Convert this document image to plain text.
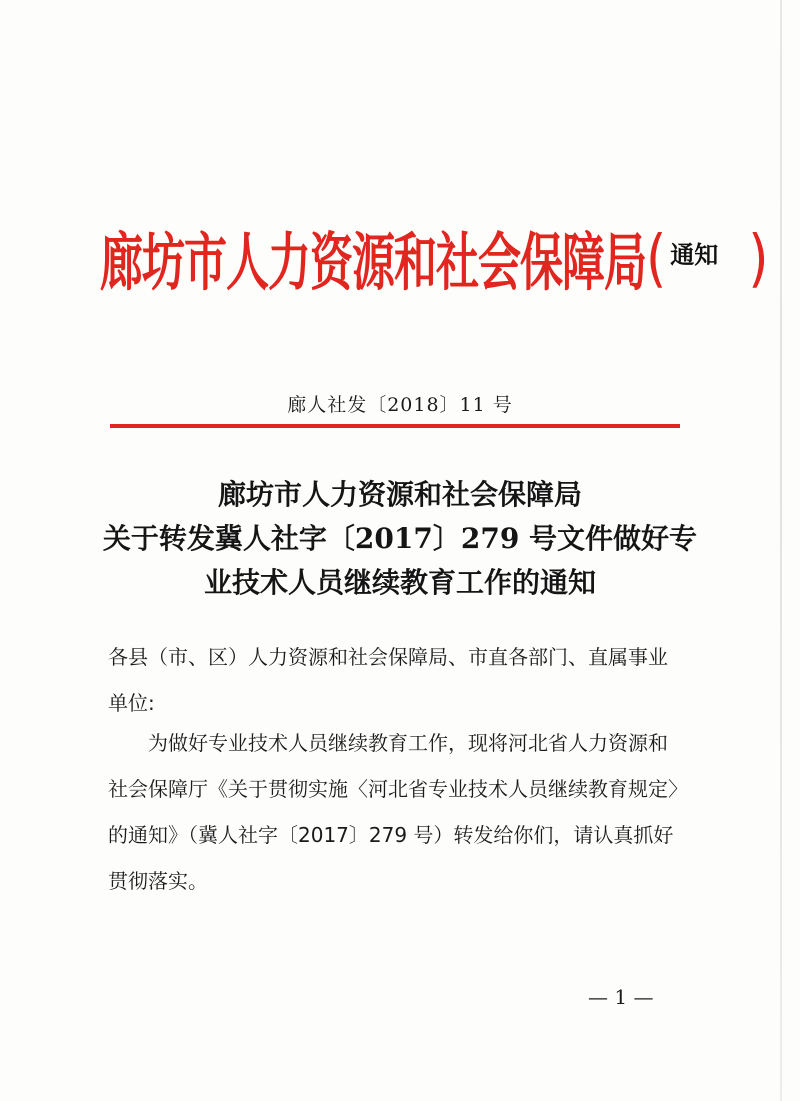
廊坊市人力资源和社会保障局 ( 通知 )
廊人社发〔2018〕11 号
廊坊市人力资源和社会保障局
关于转发冀人社字〔2017〕279 号文件做好专
业技术人员继续教育工作的通知
各县（市、区）人力资源和社会保障局、市直各部门、直属事业
单位:
为做好专业技术人员继续教育工作，现将河北省人力资源和
社会保障厅《关于贯彻实施〈河北省专业技术人员继续教育规定〉
的通知》（冀人社字〔2017〕279 号）转发给你们，请认真抓好
贯彻落实。
— 1 —
